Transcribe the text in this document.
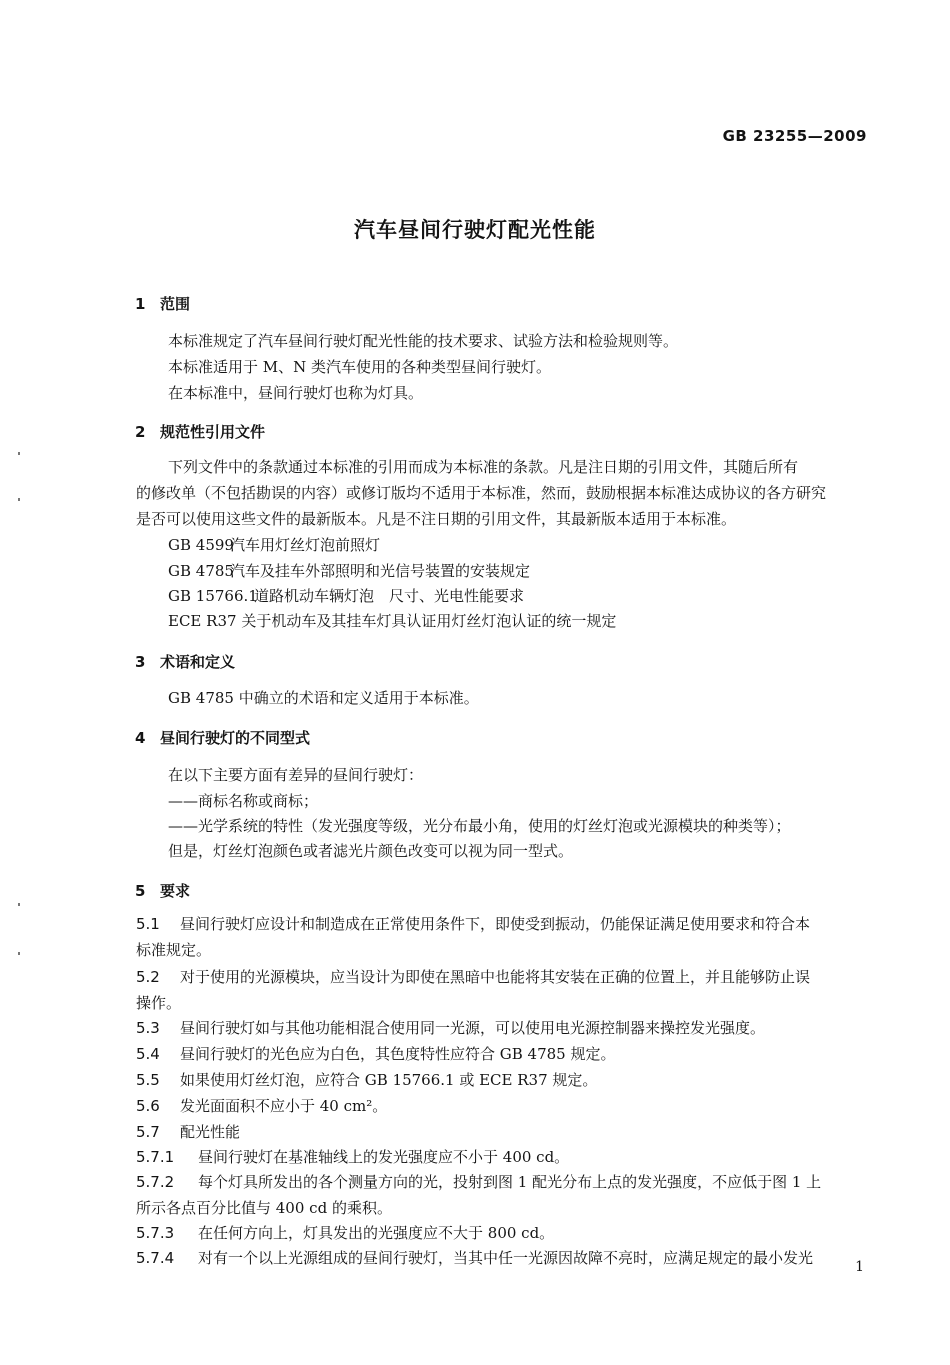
GB 23255—2009
汽车昼间行驶灯配光性能
1 范围
本标准规定了汽车昼间行驶灯配光性能的技术要求、试验方法和检验规则等。
本标准适用于 M、N 类汽车使用的各种类型昼间行驶灯。
在本标准中，昼间行驶灯也称为灯具。
2 规范性引用文件
下列文件中的条款通过本标准的引用而成为本标准的条款。凡是注日期的引用文件，其随后所有
的修改单（不包括勘误的内容）或修订版均不适用于本标准，然而，鼓励根据本标准达成协议的各方研究
是否可以使用这些文件的最新版本。凡是不注日期的引用文件，其最新版本适用于本标准。
GB 4599汽车用灯丝灯泡前照灯
GB 4785汽车及挂车外部照明和光信号装置的安装规定
GB 15766.1道路机动车辆灯泡　尺寸、光电性能要求
ECE R37 关于机动车及其挂车灯具认证用灯丝灯泡认证的统一规定
3 术语和定义
GB 4785 中确立的术语和定义适用于本标准。
4 昼间行驶灯的不同型式
在以下主要方面有差异的昼间行驶灯：
——商标名称或商标；
——光学系统的特性（发光强度等级，光分布最小角，使用的灯丝灯泡或光源模块的种类等）；
但是，灯丝灯泡颜色或者滤光片颜色改变可以视为同一型式。
5 要求
5.1 昼间行驶灯应设计和制造成在正常使用条件下，即使受到振动，仍能保证满足使用要求和符合本
标准规定。
5.2 对于使用的光源模块，应当设计为即使在黑暗中也能将其安装在正确的位置上，并且能够防止误
操作。
5.3 昼间行驶灯如与其他功能相混合使用同一光源，可以使用电光源控制器来操控发光强度。
5.4 昼间行驶灯的光色应为白色，其色度特性应符合 GB 4785 规定。
5.5 如果使用灯丝灯泡，应符合 GB 15766.1 或 ECE R37 规定。
5.6 发光面面积不应小于 40 cm²。
5.7 配光性能
5.7.1 昼间行驶灯在基准轴线上的发光强度应不小于 400 cd。
5.7.2 每个灯具所发出的各个测量方向的光，投射到图 1 配光分布上点的发光强度，不应低于图 1 上
所示各点百分比值与 400 cd 的乘积。
5.7.3 在任何方向上，灯具发出的光强度应不大于 800 cd。
5.7.4 对有一个以上光源组成的昼间行驶灯，当其中任一光源因故障不亮时，应满足规定的最小发光	1
